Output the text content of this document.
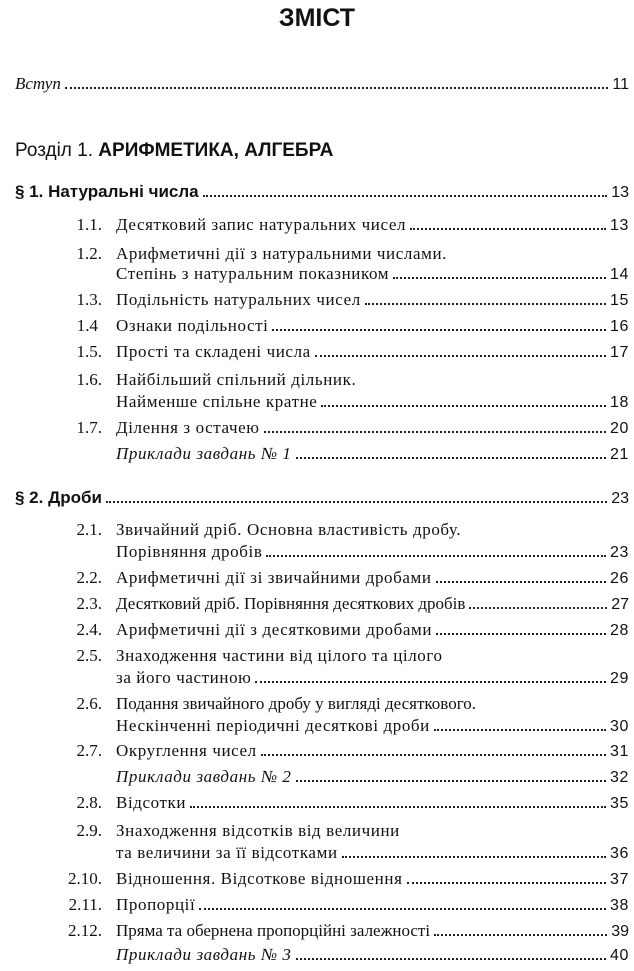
ЗМІСТ
Вступ	11
Розділ 1. АРИФМЕТИКА, АЛГЕБРА
§ 1. Натуральні числа	13
1.1. Десятковий запис натуральних чисел	13
1.2. Арифметичні дії з натуральними числами.
Степінь з натуральним показником	14
1.3. Подільність натуральних чисел	15
1.4 Ознаки подільності	16
1.5. Прості та складені числа	17
1.6. Найбільший спільний дільник.
Найменше спільне кратне	18
1.7. Ділення з остачею	20
Приклади завдань № 1	21
§ 2. Дроби	23
2.1. Звичайний дріб. Основна властивість дробу.
Порівняння дробів	23
2.2. Арифметичні дії зі звичайними дробами	26
2.3. Десятковий дріб. Порівняння десяткових дробів	27
2.4. Арифметичні дії з десятковими дробами	28
2.5. Знаходження частини від цілого та цілого
за його частиною	29
2.6. Подання звичайного дробу у вигляді десяткового.
Нескінченні періодичні десяткові дроби	30
2.7. Округлення чисел	31
Приклади завдань № 2	32
2.8. Відсотки	35
2.9. Знаходження відсотків від величини
та величини за її відсотками	36
2.10. Відношення. Відсоткове відношення	37
2.11. Пропорції	38
2.12. Пряма та обернена пропорційні залежності	39
Приклади завдань № 3	40
